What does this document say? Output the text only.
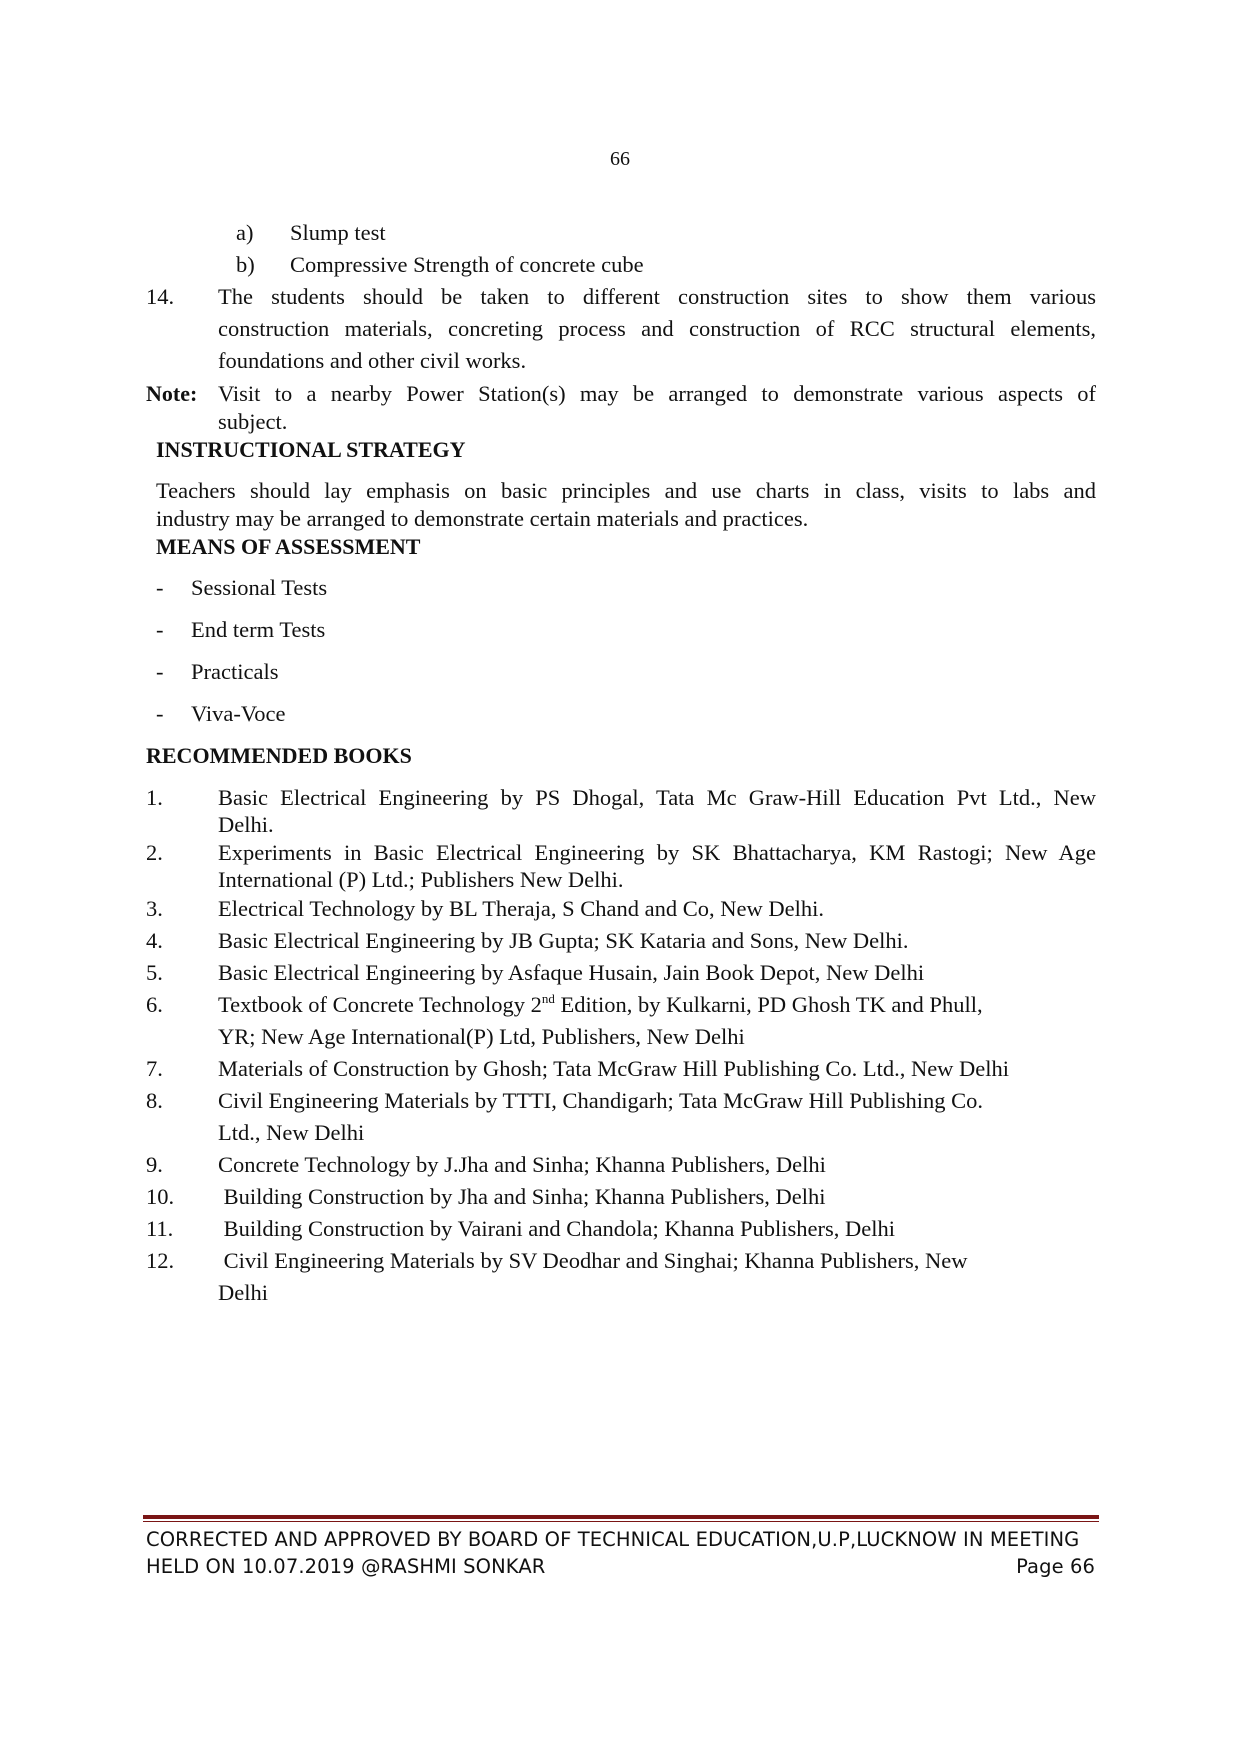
66
a) Slump test
b) Compressive Strength of concrete cube
14. The students should be taken to different construction sites to show them various
construction materials, concreting process and construction of RCC structural elements,
foundations and other civil works.
Note: Visit to a nearby Power Station(s) may be arranged to demonstrate various aspects of
subject.
INSTRUCTIONAL STRATEGY
Teachers should lay emphasis on basic principles and use charts in class, visits to labs and
industry may be arranged to demonstrate certain materials and practices.
MEANS OF ASSESSMENT
-	Sessional Tests
-	End term Tests
-	Practicals
-	Viva-Voce
RECOMMENDED BOOKS
1. Basic Electrical Engineering by PS Dhogal, Tata Mc Graw-Hill Education Pvt Ltd., New
Delhi.
2. Experiments in Basic Electrical Engineering by SK Bhattacharya, KM Rastogi; New Age
International (P) Ltd.; Publishers New Delhi.
3. Electrical Technology by BL Theraja, S Chand and Co, New Delhi.
4. Basic Electrical Engineering by JB Gupta; SK Kataria and Sons, New Delhi.
5. Basic Electrical Engineering by Asfaque Husain, Jain Book Depot, New Delhi
6. Textbook of Concrete Technology 2nd Edition, by Kulkarni, PD Ghosh TK and Phull,
YR; New Age International(P) Ltd, Publishers, New Delhi
7. Materials of Construction by Ghosh; Tata McGraw Hill Publishing Co. Ltd., New Delhi
8. Civil Engineering Materials by TTTI, Chandigarh; Tata McGraw Hill Publishing Co.
Ltd., New Delhi
9. Concrete Technology by J.Jha and Sinha; Khanna Publishers, Delhi
10. Building Construction by Jha and Sinha; Khanna Publishers, Delhi
11. Building Construction by Vairani and Chandola; Khanna Publishers, Delhi
12. Civil Engineering Materials by SV Deodhar and Singhai; Khanna Publishers, New
Delhi
CORRECTED AND APPROVED BY BOARD OF TECHNICAL EDUCATION,U.P,LUCKNOW IN MEETING
HELD ON 10.07.2019 @RASHMI SONKAR	Page 66
